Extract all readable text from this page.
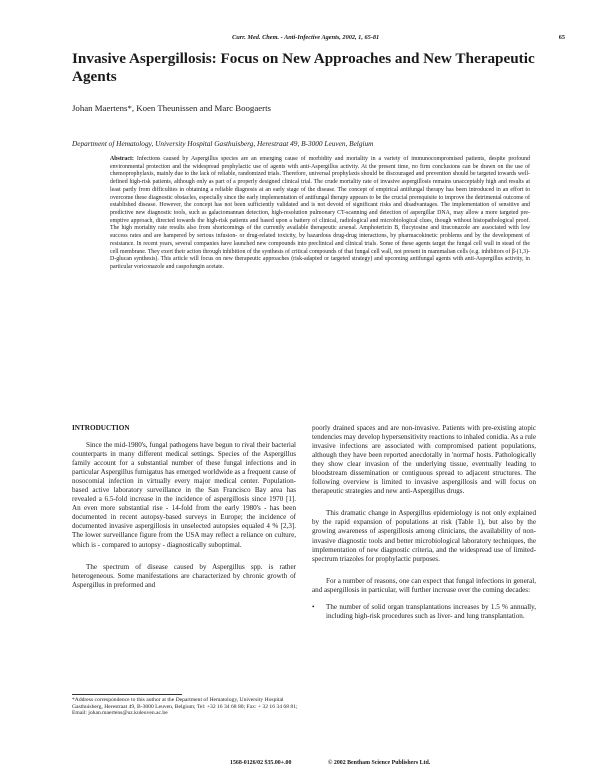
Curr. Med. Chem. - Anti-Infective Agents, 2002, 1, 65-81	65
Invasive Aspergillosis: Focus on New Approaches and New Therapeutic Agents
Johan Maertens*, Koen Theunissen and Marc Boogaerts
Department of Hematology, University Hospital Gasthuisberg, Herestraat 49, B-3000 Leuven, Belgium

Abstract: Infections caused by Aspergillus species are an emerging cause of morbidity and mortality in a variety of immunocompromised patients, despite profound environmental protection and the widespread prophylactic use of agents with anti-Aspergillus activity. At the present time, no firm conclusions can be drawn on the use of chemoprophylaxis, mainly due to the lack of reliable, randomized trials. Therefore, universal prophylaxis should be discouraged and prevention should be targeted towards well-defined high-risk patients, although only as part of a properly designed clinical trial. The crude mortality rate of invasive aspergillosis remains unacceptably high and results at least partly from difficulties in obtaining a reliable diagnosis at an early stage of the disease. The concept of empirical antifungal therapy has been introduced in an effort to overcome these diagnostic obstacles, especially since the early implementation of antifungal therapy appears to be the crucial prerequisite to improve the detrimental outcome of established disease. However, the concept has not been sufficiently validated and is not devoid of significant risks and disadvantages. The implementation of sensitive and predictive new diagnostic tools, such as galactomannan detection, high-resolution pulmonary CT-scanning and detection of aspergillar DNA, may allow a more targeted pre-emptive approach, directed towards the high-risk patients and based upon a battery of clinical, radiological and microbiological clues, though without histopathological proof. The high mortality rate results also from shortcomings of the currently available therapeutic arsenal. Amphotericin B, flucytosine and itraconazole are associated with low success rates and are hampered by serious infusion- or drug-related toxicity, by hazardous drug-drug interactions, by pharmacokinetic problems and by the development of resistance. In recent years, several companies have launched new compounds into preclinical and clinical trials. Some of these agents target the fungal cell wall in stead of the cell membrane. They exert their action through inhibition of the synthesis of critical compounds of that fungal cell wall, not present in mammalian cells (e.g. inhibitors of β-(1,3)-D-glucan synthesis). This article will focus on new therapeutic approaches (risk-adapted or targeted strategy) and upcoming antifungal agents with anti-Aspergillus activity, in particular voriconazole and caspofungin acetate.

INTRODUCTION

Since the mid-1980's, fungal pathogens have begun to rival their bacterial counterparts in many different medical settings. Species of the Aspergillus family account for a substantial number of these fungal infections and in particular Aspergillus fumigatus has emerged worldwide as a frequent cause of nosocomial infection in virtually every major medical center. Population-based active laboratory surveillance in the San Francisco Bay area has revealed a 6.5-fold increase in the incidence of aspergillosis since 1970 [1]. An even more substantial rise - 14-fold from the early 1980's - has been documented in recent autopsy-based surveys in Europe; the incidence of documented invasive aspergillosis in unselected autopsies equaled 4 % [2,3]. The lower surveillance figure from the USA may reflect a reliance on culture, which is - compared to autopsy - diagnostically suboptimal.

The spectrum of disease caused by Aspergillus spp. is rather heterogeneous. Some manifestations are characterized by chronic growth of Aspergillus in preformed and

poorly drained spaces and are non-invasive. Patients with pre-existing atopic tendencies may develop hypersensitivity reactions to inhaled conidia. As a rule invasive infections are associated with compromised patient populations, although they have been reported anecdotally in 'normal' hosts. Pathologically they show clear invasion of the underlying tissue, eventually leading to bloodstream dissemination or contiguous spread to adjacent structures. The following overview is limited to invasive aspergillosis and will focus on therapeutic strategies and new anti-Aspergillus drugs.

This dramatic change in Aspergillus epidemiology is not only explained by the rapid expansion of populations at risk (Table 1), but also by the growing awareness of aspergillosis among clinicians, the availability of non-invasive diagnostic tools and better microbiological laboratory techniques, the implementation of new diagnostic criteria, and the widespread use of limited-spectrum triazoles for prophylactic purposes.

For a number of reasons, one can expect that fungal infections in general, and aspergillosis in particular, will further increase over the coming decades:

• The number of solid organ transplantations increases by 1.5 % annually, including high-risk procedures such as liver- and lung transplantation.

*Address correspondence to this author at the Department of Hematology, University Hospital Gasthuisberg, Herestraat 49, B-3000 Leuven, Belgium; Tel: +32 16 34 68 80; Fax: + 32 16 34 68 81; Email: johan.maertens@uz.kuleuven.ac.be

1568-0126/02 $35.00+.00	© 2002 Bentham Science Publishers Ltd.
